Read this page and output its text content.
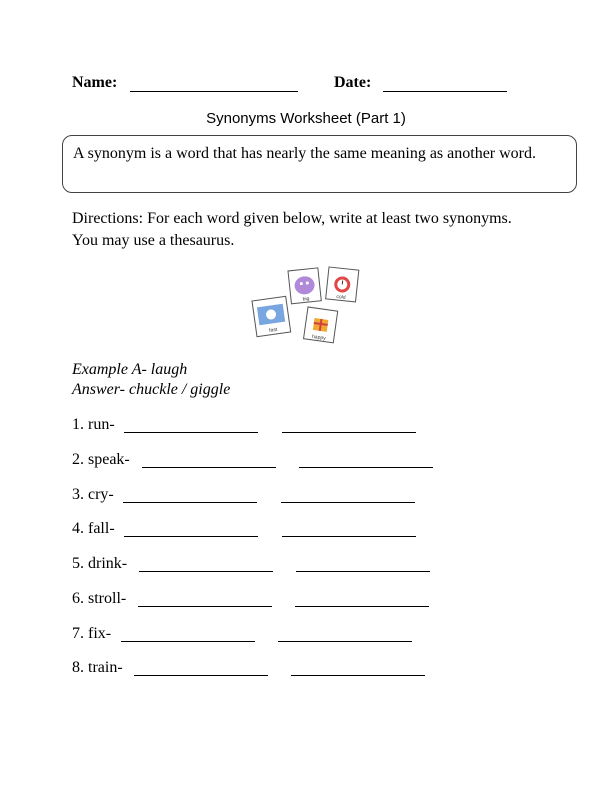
Name:	Date:
Synonyms Worksheet (Part 1)
A synonym is a word that has nearly the same meaning as another word.
Directions: For each word given below, write at least two synonyms. You may use a thesaurus.
fast
big	cold
happy
Example A- laugh
Answer- chuckle / giggle
1. run-
2. speak-
3. cry-
4. fall-
5. drink-
6. stroll-
7. fix-
8. train-
